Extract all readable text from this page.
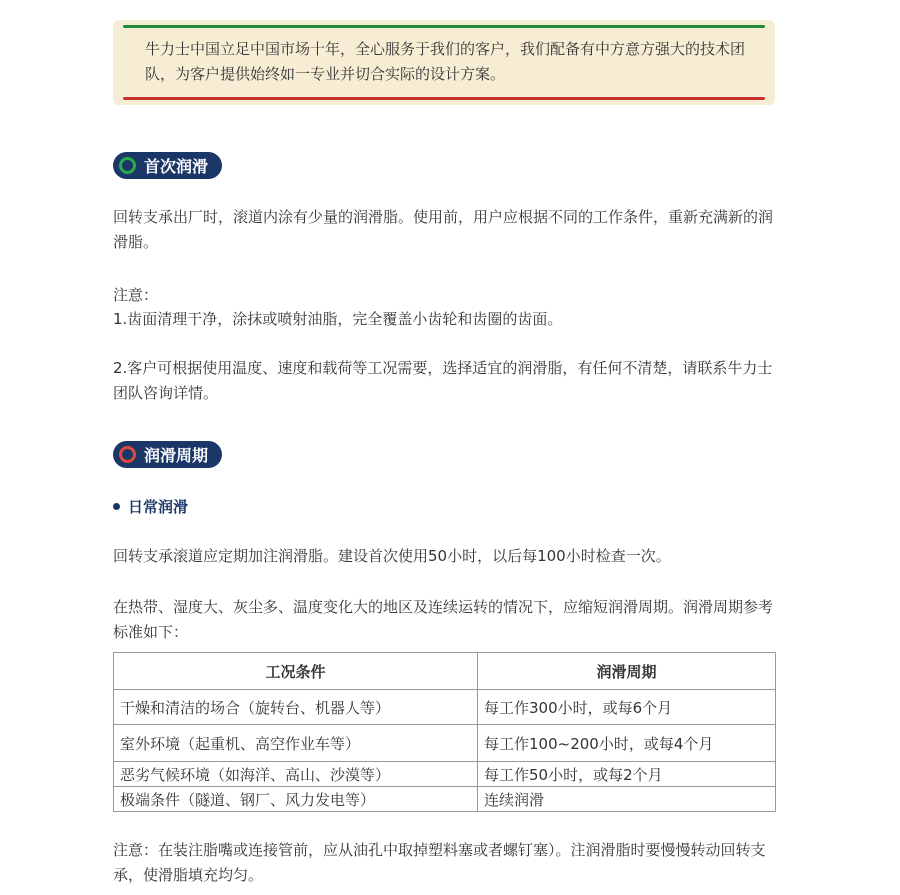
牛力士中国立足中国市场十年，全心服务于我们的客户，我们配备有中方意方强大的技术团队，为客户提供始终如一专业并切合实际的设计方案。
首次润滑

回转支承出厂时，滚道内涂有少量的润滑脂。使用前，用户应根据不同的工作条件，重新充满新的润滑脂。

注意：

1.齿面清理干净，涂抹或喷射油脂，完全覆盖小齿轮和齿圈的齿面。

2.客户可根据使用温度、速度和载荷等工况需要，选择适宜的润滑脂，有任何不清楚，请联系牛力士团队咨询详情。

润滑周期
日常润滑

回转支承滚道应定期加注润滑脂。建设首次使用50小时，以后每100小时检查一次。

在热带、湿度大、灰尘多、温度变化大的地区及连续运转的情况下，应缩短润滑周期。润滑周期参考标准如下：

工况条件	润滑周期
干燥和清洁的场合（旋转台、机器人等）	每工作300小时，或每6个月
室外环境（起重机、高空作业车等）	每工作100~200小时，或每4个月
恶劣气候环境（如海洋、高山、沙漠等）	每工作50小时，或每2个月
极端条件（隧道、钢厂、风力发电等）	连续润滑

注意：在装注脂嘴或连接管前，应从油孔中取掉塑料塞或者螺钉塞）。注润滑脂时要慢慢转动回转支承，使滑脂填充均匀。
